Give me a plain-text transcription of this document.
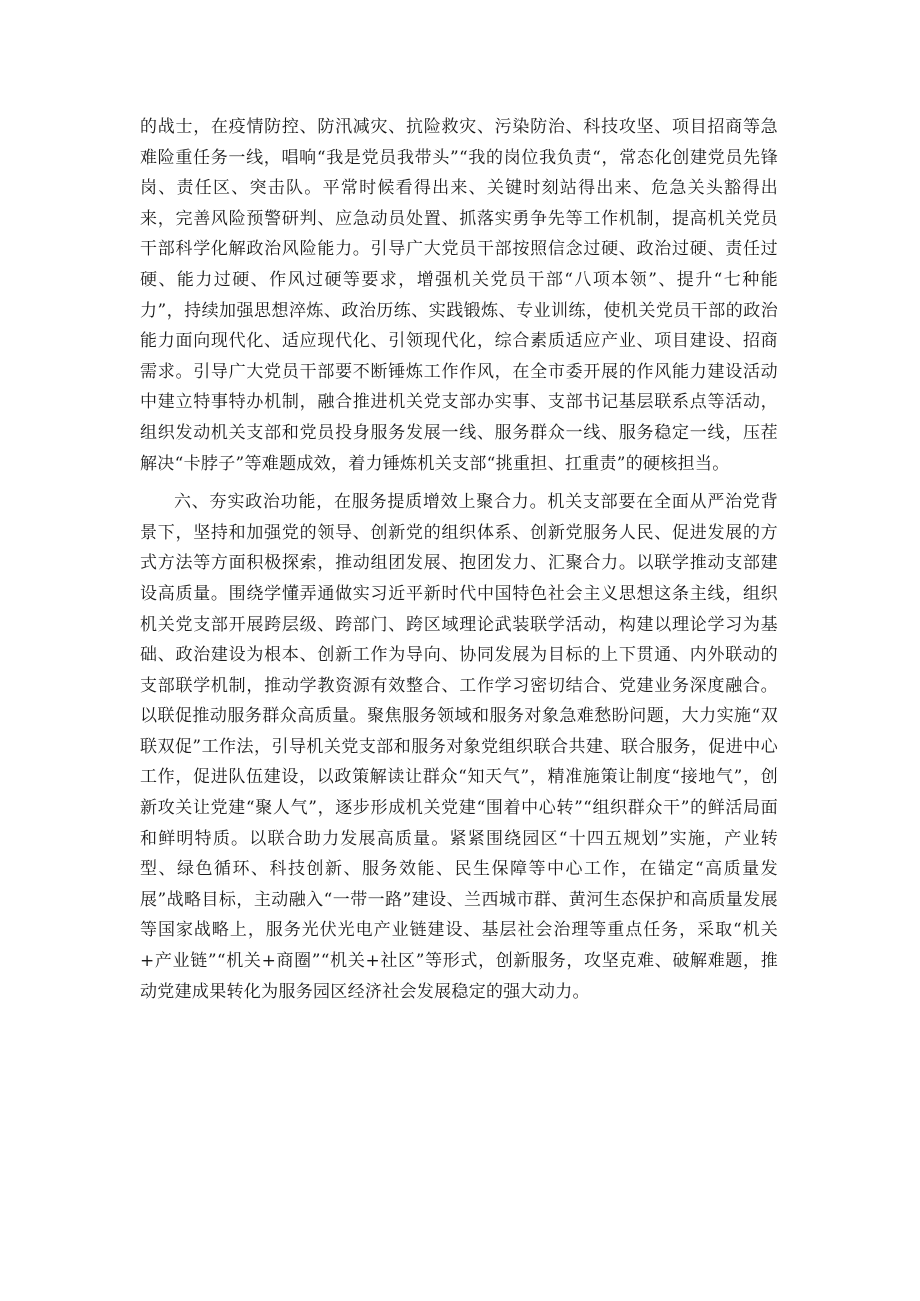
的战士，在疫情防控、防汛减灾、抗险救灾、污染防治、科技攻坚、项目招商等急难险重任务一线，唱响“我是党员我带头”“我的岗位我负责“，常态化创建党员先锋岗、责任区、突击队。平常时候看得出来、关键时刻站得出来、危急关头豁得出来，完善风险预警研判、应急动员处置、抓落实勇争先等工作机制，提高机关党员干部科学化解政治风险能力。引导广大党员干部按照信念过硬、政治过硬、责任过硬、能力过硬、作风过硬等要求，增强机关党员干部“八项本领”、提升“七种能力”，持续加强思想淬炼、政治历练、实践锻炼、专业训练，使机关党员干部的政治能力面向现代化、适应现代化、引领现代化，综合素质适应产业、项目建设、招商需求。引导广大党员干部要不断锤炼工作作风，在全市委开展的作风能力建设活动中建立特事特办机制，融合推进机关党支部办实事、支部书记基层联系点等活动，组织发动机关支部和党员投身服务发展一线、服务群众一线、服务稳定一线，压茬解决“卡脖子”等难题成效，着力锤炼机关支部“挑重担、扛重责”的硬核担当。

六、夯实政治功能，在服务提质增效上聚合力。机关支部要在全面从严治党背景下，坚持和加强党的领导、创新党的组织体系、创新党服务人民、促进发展的方式方法等方面积极探索，推动组团发展、抱团发力、汇聚合力。以联学推动支部建设高质量。围绕学懂弄通做实习近平新时代中国特色社会主义思想这条主线，组织机关党支部开展跨层级、跨部门、跨区域理论武装联学活动，构建以理论学习为基础、政治建设为根本、创新工作为导向、协同发展为目标的上下贯通、内外联动的支部联学机制，推动学教资源有效整合、工作学习密切结合、党建业务深度融合。以联促推动服务群众高质量。聚焦服务领域和服务对象急难愁盼问题，大力实施“双联双促”工作法，引导机关党支部和服务对象党组织联合共建、联合服务，促进中心工作，促进队伍建设，以政策解读让群众“知天气”，精准施策让制度“接地气”，创新攻关让党建“聚人气”，逐步形成机关党建“围着中心转”“组织群众干”的鲜活局面和鲜明特质。以联合助力发展高质量。紧紧围绕园区“十四五规划”实施，产业转型、绿色循环、科技创新、服务效能、民生保障等中心工作，在锚定“高质量发展”战略目标，主动融入“一带一路”建设、兰西城市群、黄河生态保护和高质量发展等国家战略上，服务光伏光电产业链建设、基层社会治理等重点任务，采取“机关+产业链”“机关+商圈”“机关+社区”等形式，创新服务，攻坚克难、破解难题，推动党建成果转化为服务园区经济社会发展稳定的强大动力。
